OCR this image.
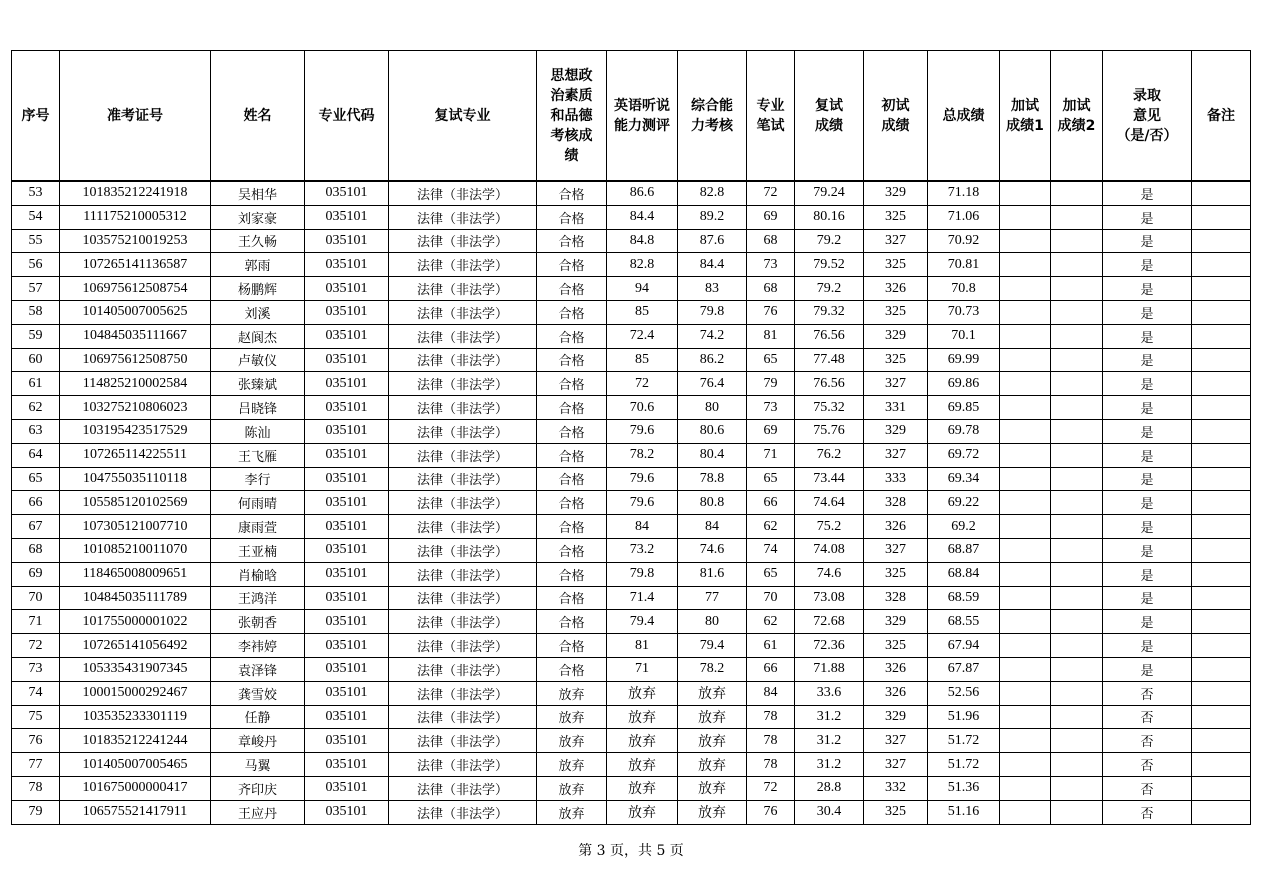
序号	准考证号	姓名	专业代码	复试专业	思想政
治素质
和品德
考核成
绩	英语听说
能力测评	综合能
力考核	专业
笔试	复试
成绩	初试
成绩	总成绩	加试
成绩1	加试
成绩2	录取
意见
（是/否）	备注
53	101835212241918	吴相华	035101	法律（非法学）	合格	86.6	82.8	72	79.24	329	71.18			是	
54	111175210005312	刘家豪	035101	法律（非法学）	合格	84.4	89.2	69	80.16	325	71.06			是	
55	103575210019253	王久畅	035101	法律（非法学）	合格	84.8	87.6	68	79.2	327	70.92			是	
56	107265141136587	郭雨	035101	法律（非法学）	合格	82.8	84.4	73	79.52	325	70.81			是	
57	106975612508754	杨鹏辉	035101	法律（非法学）	合格	94	83	68	79.2	326	70.8			是	
58	101405007005625	刘溪	035101	法律（非法学）	合格	85	79.8	76	79.32	325	70.73			是	
59	104845035111667	赵阆杰	035101	法律（非法学）	合格	72.4	74.2	81	76.56	329	70.1			是	
60	106975612508750	卢敏仪	035101	法律（非法学）	合格	85	86.2	65	77.48	325	69.99			是	
61	114825210002584	张臻斌	035101	法律（非法学）	合格	72	76.4	79	76.56	327	69.86			是	
62	103275210806023	吕晓锋	035101	法律（非法学）	合格	70.6	80	73	75.32	331	69.85			是	
63	103195423517529	陈汕	035101	法律（非法学）	合格	79.6	80.6	69	75.76	329	69.78			是	
64	107265114225511	王飞雁	035101	法律（非法学）	合格	78.2	80.4	71	76.2	327	69.72			是	
65	104755035110118	李行	035101	法律（非法学）	合格	79.6	78.8	65	73.44	333	69.34			是	
66	105585120102569	何雨晴	035101	法律（非法学）	合格	79.6	80.8	66	74.64	328	69.22			是	
67	107305121007710	康雨萱	035101	法律（非法学）	合格	84	84	62	75.2	326	69.2			是	
68	101085210011070	王亚楠	035101	法律（非法学）	合格	73.2	74.6	74	74.08	327	68.87			是	
69	118465008009651	肖榆晗	035101	法律（非法学）	合格	79.8	81.6	65	74.6	325	68.84			是	
70	104845035111789	王鸿洋	035101	法律（非法学）	合格	71.4	77	70	73.08	328	68.59			是	
71	101755000001022	张朝香	035101	法律（非法学）	合格	79.4	80	62	72.68	329	68.55			是	
72	107265141056492	李袆婷	035101	法律（非法学）	合格	81	79.4	61	72.36	325	67.94			是	
73	105335431907345	袁泽锋	035101	法律（非法学）	合格	71	78.2	66	71.88	326	67.87			是	
74	100015000292467	龚雪姣	035101	法律（非法学）	放弃	放弃	放弃	84	33.6	326	52.56			否	
75	103535233301119	任静	035101	法律（非法学）	放弃	放弃	放弃	78	31.2	329	51.96			否	
76	101835212241244	章峻丹	035101	法律（非法学）	放弃	放弃	放弃	78	31.2	327	51.72			否	
77	101405007005465	马翼	035101	法律（非法学）	放弃	放弃	放弃	78	31.2	327	51.72			否	
78	101675000000417	齐印庆	035101	法律（非法学）	放弃	放弃	放弃	72	28.8	332	51.36			否	
79	106575521417911	王应丹	035101	法律（非法学）	放弃	放弃	放弃	76	30.4	325	51.16			否	
第 3 页，共 5 页
